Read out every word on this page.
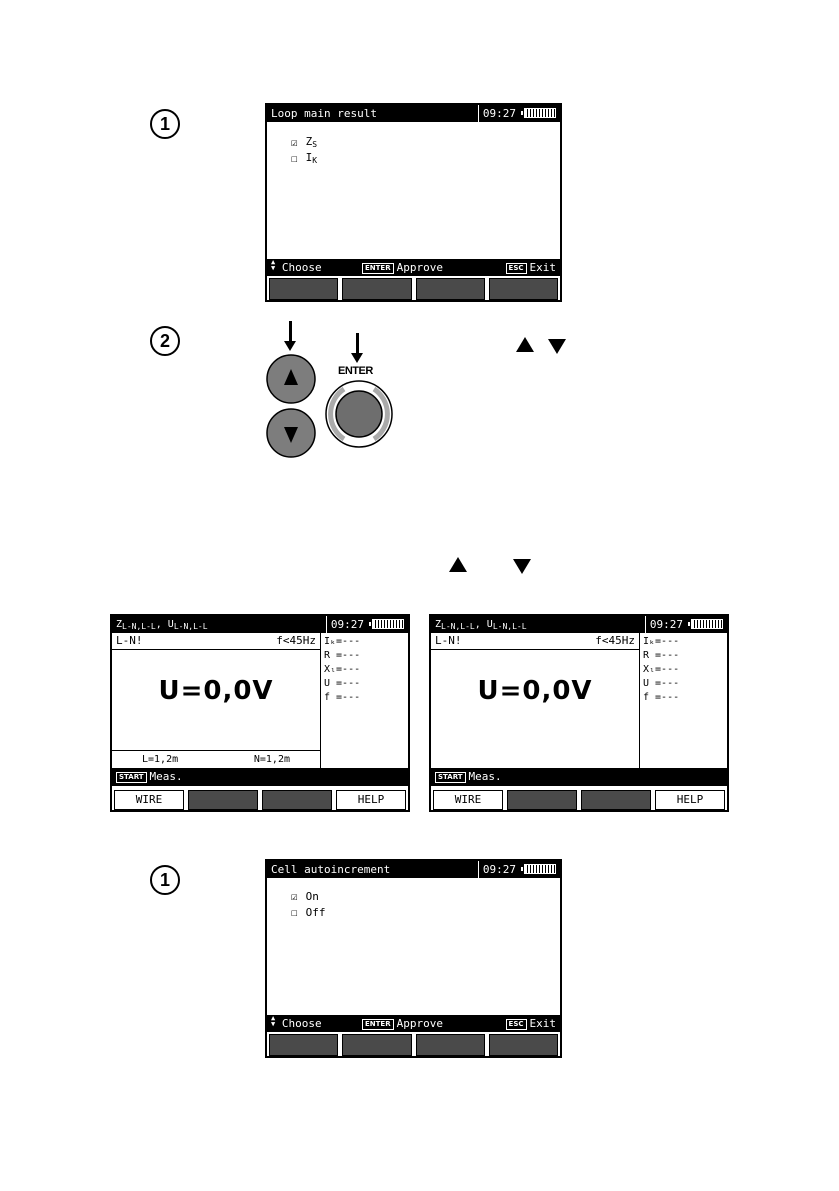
1	Loop main result	09:27
☑ $Z_S$
☐ $I_K$
▲
▼ Choose	ENTER Approve	ESC Exit
2
ENTER
$Z_{L-N,L-L}$, $U_{L-N,L-L}$	09:27
L-N!	f<45Hz
U=0,0V
L=1,2m	N=1,2m
Iₖ=---
R =---
Xₗ=---
U =---
f =---
START Meas.
WIRE	HELP
$Z_{L-N,L-L}$, $U_{L-N,L-L}$	09:27
L-N!	f<45Hz
U=0,0V
Iₖ=---
R =---
Xₗ=---
U =---
f =---
START Meas.
WIRE	HELP
1	Cell autoincrement	09:27
☑ On
☐ Off
▲
▼ Choose	ENTER Approve	ESC Exit
